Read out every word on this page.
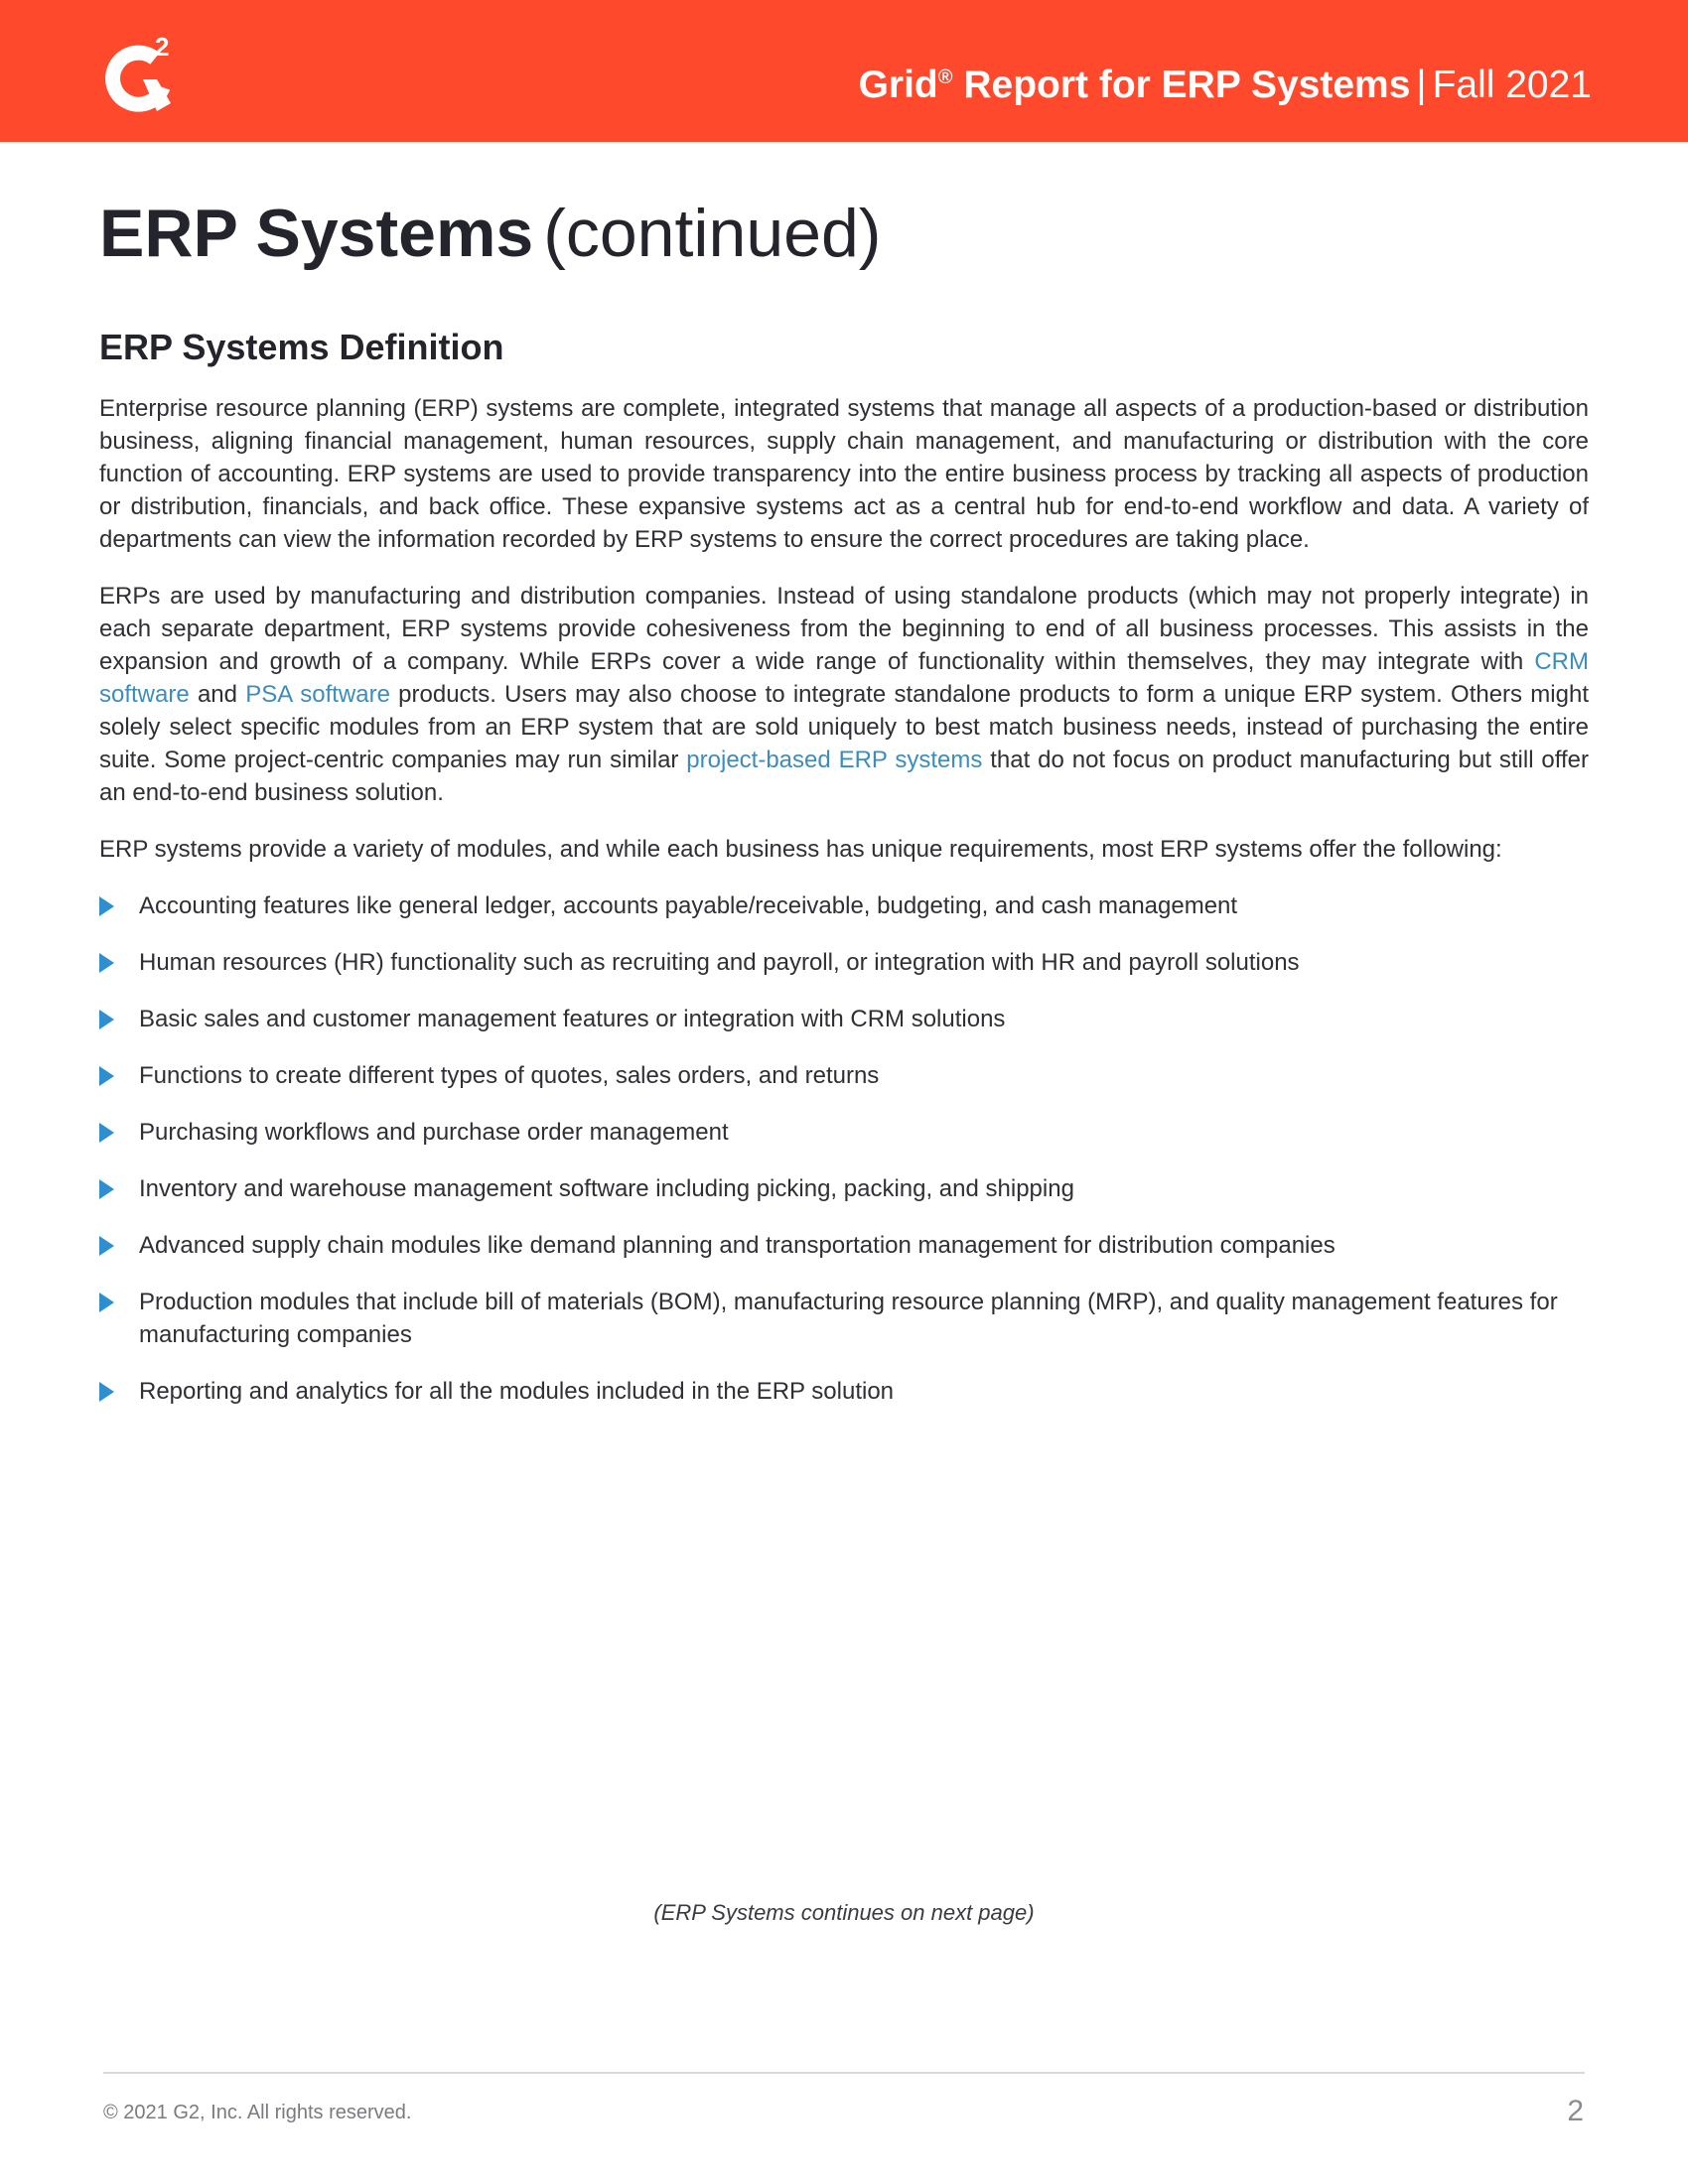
2
Grid® Report for ERP Systems | Fall 2021
ERP Systems (continued)
ERP Systems Definition

Enterprise resource planning (ERP) systems are complete, integrated systems that manage all aspects of a production-based or distribution business, aligning financial management, human resources, supply chain management, and manufacturing or distribution with the core function of accounting. ERP systems are used to provide transparency into the entire business process by tracking all aspects of production or distribution, financials, and back office. These expansive systems act as a central hub for end-to-end workflow and data. A variety of departments can view the information recorded by ERP systems to ensure the correct procedures are taking place.

ERPs are used by manufacturing and distribution companies. Instead of using standalone products (which may not properly integrate) in each separate department, ERP systems provide cohesiveness from the beginning to end of all business processes. This assists in the expansion and growth of a company. While ERPs cover a wide range of functionality within themselves, they may integrate with CRM software and PSA software products. Users may also choose to integrate standalone products to form a unique ERP system. Others might solely select specific modules from an ERP system that are sold uniquely to best match business needs, instead of purchasing the entire suite. Some project-centric companies may run similar project-based ERP systems that do not focus on product manufacturing but still offer an end-to-end business solution.

ERP systems provide a variety of modules, and while each business has unique requirements, most ERP systems offer the following:

Accounting features like general ledger, accounts payable/receivable, budgeting, and cash management
Human resources (HR) functionality such as recruiting and payroll, or integration with HR and payroll solutions
Basic sales and customer management features or integration with CRM solutions
Functions to create different types of quotes, sales orders, and returns
Purchasing workflows and purchase order management
Inventory and warehouse management software including picking, packing, and shipping
Advanced supply chain modules like demand planning and transportation management for distribution companies
Production modules that include bill of materials (BOM), manufacturing resource planning (MRP), and quality management features for manufacturing companies
Reporting and analytics for all the modules included in the ERP solution
(ERP Systems continues on next page)
© 2021 G2, Inc. All rights reserved.	2
